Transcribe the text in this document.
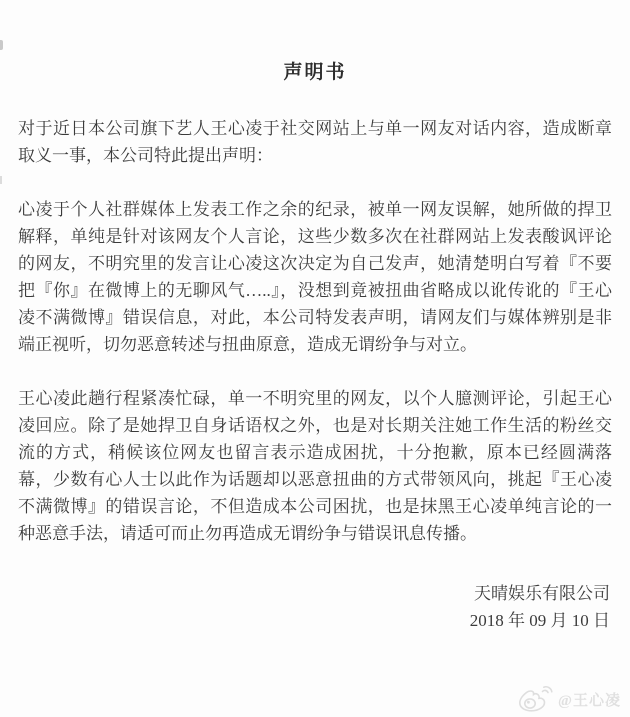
声明书

对于近日本公司旗下艺人王心凌于社交网站上与单一网友对话内容，造成断章取义一事，本公司特此提出声明：

心凌于个人社群媒体上发表工作之余的纪录，被单一网友误解，她所做的捍卫解释，单纯是针对该网友个人言论，这些少数多次在社群网站上发表酸讽评论的网友，不明究里的发言让心凌这次决定为自己发声，她清楚明白写着『不要把『你』在微博上的无聊风气…..』，没想到竟被扭曲省略成以讹传讹的『王心凌不满微博』错误信息，对此，本公司特发表声明，请网友们与媒体辨别是非端正视听，切勿恶意转述与扭曲原意，造成无谓纷争与对立。

王心凌此趟行程紧凑忙碌，单一不明究里的网友，以个人臆测评论，引起王心凌回应。除了是她捍卫自身话语权之外，也是对长期关注她工作生活的粉丝交流的方式，稍候该位网友也留言表示造成困扰，十分抱歉，原本已经圆满落幕，少数有心人士以此作为话题却以恶意扭曲的方式带领风向，挑起『王心凌不满微博』的错误言论，不但造成本公司困扰，也是抹黑王心凌单纯言论的一种恶意手法，请适可而止勿再造成无谓纷争与错误讯息传播。

天晴娱乐有限公司
2018 年 09 月 10 日
@王心凌
